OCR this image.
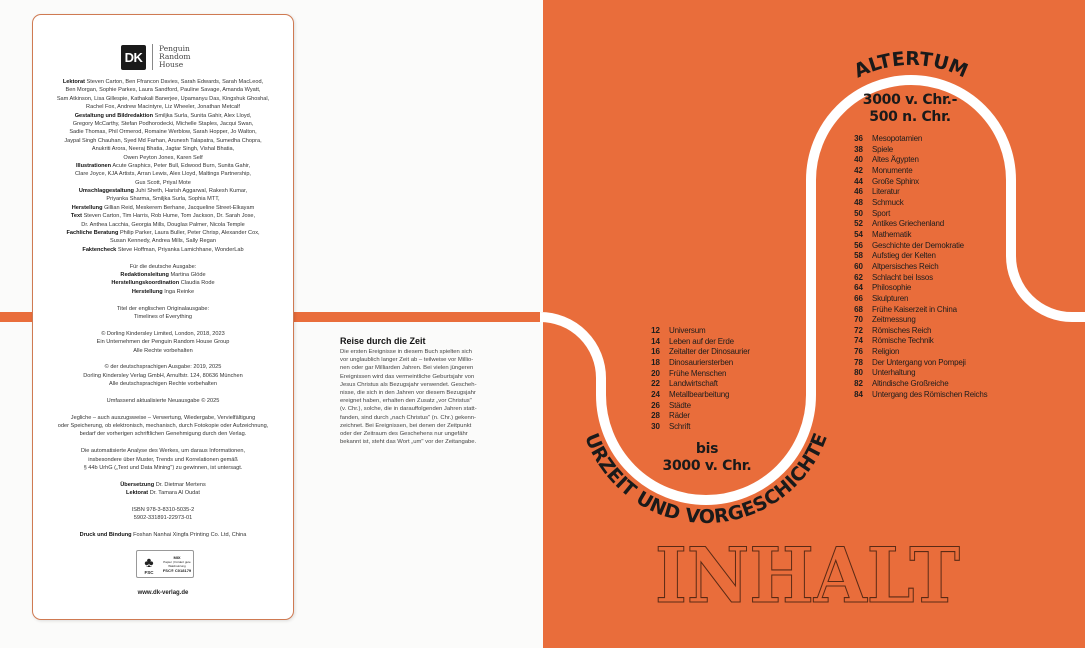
DK
Penguin
Random
House
Lektorat Steven Carton, Ben Ffrancon Davies, Sarah Edwards, Sarah MacLeod,
Ben Morgan, Sophie Parkes, Laura Sandford, Pauline Savage, Amanda Wyatt,
Sam Atkinson, Lisa Gillespie, Kathakali Banerjee, Upamanyu Das, Kingshuk Ghoshal,
Rachel Fox, Andrew Macintyre, Liz Wheeler, Jonathan Metcalf
Gestaltung und Bildredaktion Smiljka Surla, Sunita Gahir, Alex Lloyd,
Gregory McCarthy, Stefan Podhorodecki, Michelle Staples, Jacqui Swan,
Sadie Thomas, Phil Ormerod, Romaine Werblow, Sarah Hopper, Jo Walton,
Jaypal Singh Chauhan, Syed Md Farhan, Arunesh Talapatra, Sumedha Chopra,
Anukriti Arora, Neeraj Bhatia, Jagtar Singh, Vishal Bhatia,
Owen Peyton Jones, Karen Self
Illustrationen Acute Graphics, Peter Bull, Edwood Burn, Sunita Gahir,
Clare Joyce, KJA Artists, Arran Lewis, Alex Lloyd, Maltings Partnership,
Gus Scott, Priyal Mote
Umschlaggestaltung Juhi Sheth, Harish Aggarwal, Rakesh Kumar,
Priyanka Sharma, Smiljka Surla, Sophia MTT,
Herstellung Gillian Reid, Meskerem Berhane, Jacqueline Street-Elkayam
Text Steven Carton, Tim Harris, Rob Hume, Tom Jackson, Dr. Sarah Jose,
Dr. Anthea Lacchia, Georgia Mills, Douglas Palmer, Nicola Temple
Fachliche Beratung Philip Parker, Laura Buller, Peter Chrisp, Alexander Cox,
Susan Kennedy, Andrea Mills, Sally Regan
Faktencheck Steve Hoffman, Priyanka Lamichhane, WonderLab
Für die deutsche Ausgabe:
Redaktionsleitung Martina Glöde
Herstellungskoordination Claudia Rode
Herstellung Inga Reinke
Titel der englischen Originalausgabe:
Timelines of Everything
© Dorling Kindersley Limited, London, 2018, 2023
Ein Unternehmen der Penguin Random House Group
Alle Rechte vorbehalten
© der deutschsprachigen Ausgabe: 2019, 2025
Dorling Kindersley Verlag GmbH, Arnulfstr. 124, 80636 München
Alle deutschsprachigen Rechte vorbehalten
Umfassend aktualisierte Neuausgabe © 2025
Jegliche – auch auszugsweise – Verwertung, Wiedergabe, Vervielfältigung
oder Speicherung, ob elektronisch, mechanisch, durch Fotokopie oder Aufzeichnung,
bedarf der vorherigen schriftlichen Genehmigung durch den Verlag.
Die automatisierte Analyse des Werkes, um daraus Informationen,
insbesondere über Muster, Trends und Korrelationen gemäß
§ 44b UrhG („Text und Data Mining") zu gewinnen, ist untersagt.
Übersetzung Dr. Dietmar Mertens
Lektorat Dr. Tamara Al Oudat
ISBN 978-3-8310-5035-2
5902-331891-22973-01
Druck und Bindung Foshan Nanhai Xingfa Printing Co. Ltd, China
♣
FSC
MIX
Papier | Fördert gute Waldnutzung
FSC® C018179
www.dk-verlag.de
Reise durch die Zeit
Die ersten Ereignisse in diesem Buch spielten sich
vor unglaublich langer Zeit ab – teilweise vor Millio-
nen oder gar Milliarden Jahren. Bei vielen jüngeren
Ereignissen wird das vermeintliche Geburtsjahr von
Jesus Christus als Bezugsjahr verwendet. Gescheh-
nisse, die sich in den Jahren vor diesem Bezugsjahr
ereignet haben, erhalten den Zusatz „vor Christus"
(v. Chr.), solche, die in darauffolgenden Jahren statt-
fanden, sind durch „nach Christus" (n. Chr.) gekenn-
zeichnet. Bei Ereignissen, bei denen der Zeitpunkt
oder der Zeitraum des Geschehens nur ungefähr
bekannt ist, steht das Wort „um" vor der Zeitangabe.	URZEIT UND VORGESCHICHTE
ALTERTUM
INHALT
12 Universum
14 Leben auf der Erde
16 Zeitalter der Dinosaurier
18 Dinosauriersterben
20 Frühe Menschen
22 Landwirtschaft
24 Metallbearbeitung
26 Städte
28 Räder
30 Schrift
bis
3000 v. Chr.
36 Mesopotamien
38 Spiele
40 Altes Ägypten
42 Monumente
44 Große Sphinx
46 Literatur
48 Schmuck
50 Sport
52 Antikes Griechenland
54 Mathematik
56 Geschichte der Demokratie
58 Aufstieg der Kelten
60 Altpersisches Reich
62 Schlacht bei Issos
64 Philosophie
66 Skulpturen
68 Frühe Kaiserzeit in China
70 Zeitmessung
72 Römisches Reich
74 Römische Technik
76 Religion
78 Der Untergang von Pompeji
80 Unterhaltung
82 Altindische Großreiche
84 Untergang des Römischen Reichs
3000 v. Chr.-
500 n. Chr.
